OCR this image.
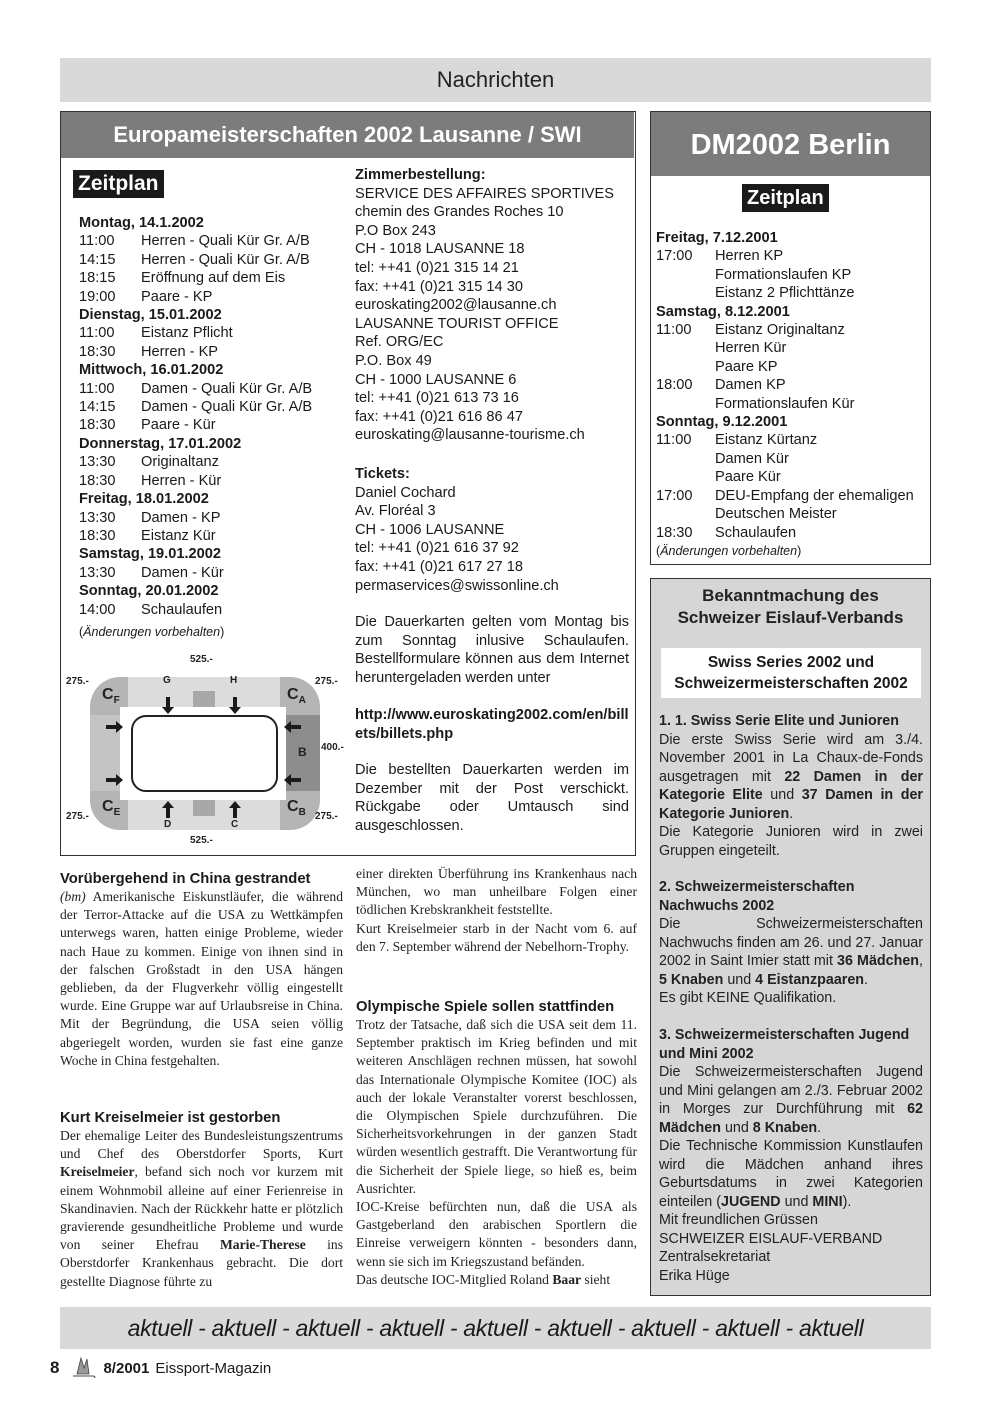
Nachrichten
Europameisterschaften 2002 Lausanne / SWI
Zeitplan
Montag, 14.1.2002
11:00	Herren - Quali Kür Gr. A/B
14:15	Herren - Quali Kür Gr. A/B
18:15	Eröffnung auf dem Eis
19:00	Paare - KP
Dienstag, 15.01.2002
11:00	Eistanz Pflicht
18:30	Herren - KP
Mittwoch, 16.01.2002
11:00	Damen - Quali Kür Gr. A/B
14:15	Damen - Quali Kür Gr. A/B
18:30	Paare - Kür
Donnerstag, 17.01.2002
13:30	Originaltanz
18:30	Herren - Kür
Freitag, 18.01.2002
13:30	Damen - KP
18:30	Eistanz Kür
Samstag, 19.01.2002
13:30	Damen - Kür
Sonntag, 20.01.2002
14:00	Schaulaufen
(Änderungen vorbehalten)
525.-
525.-
275.-	275.-
275.-	275.-
400.-
G	H
D	C
B
$C_F$	$C_A$
$C_E$	$C_B$
Zimmerbestellung:
SERVICE DES AFFAIRES SPORTIVES
chemin des Grandes Roches 10
P.O Box 243
CH - 1018 LAUSANNE 18
tel: ++41 (0)21 315 14 21
fax: ++41 (0)21 315 14 30
euroskating2002@lausanne.ch
LAUSANNE TOURIST OFFICE
Ref. ORG/EC
P.O. Box 49
CH - 1000 LAUSANNE 6
tel: ++41 (0)21 613 73 16
fax: ++41 (0)21 616 86 47
euroskating@lausanne-tourisme.ch
Tickets:
Daniel Cochard
Av. Floréal 3
CH - 1006 LAUSANNE
tel: ++41 (0)21 616 37 92
fax: ++41 (0)21 617 27 18
permaservices@swissonline.ch
Die Dauerkarten gelten vom Montag bis zum Sonntag inlusive Schaulaufen. Bestellformulare können aus dem Internet heruntergeladen werden unter
http://www.euroskating2002.com/en/billets/billets.php
Die bestellten Dauerkarten werden im Dezember mit der Post verschickt. Rückgabe oder Umtausch sind ausgeschlossen.
DM2002 Berlin
Zeitplan
Freitag, 7.12.2001
17:00	Herren KP
Formationslaufen KP
Eistanz 2 Pflichttänze
Samstag, 8.12.2001
11:00	Eistanz Originaltanz
Herren Kür
Paare KP
18:00	Damen KP
Formationslaufen Kür
Sonntag, 9.12.2001
11:00	Eistanz Kürtanz
Damen Kür
Paare Kür
17:00	DEU-Empfang der ehemaligen
Deutschen Meister
18:30	Schaulaufen
(Änderungen vorbehalten)
Bekanntmachung des
Schweizer Eislauf-Verbands
Swiss Series 2002 und
Schweizermeisterschaften 2002
1. 1. Swiss Serie Elite und Junioren
Die erste Swiss Serie wird am 3./4. November 2001 in La Chaux-de-Fonds ausgetragen mit 22 Damen in der Kategorie Elite und 37 Damen in der Kategorie Junioren.
Die Kategorie Junioren wird in zwei Gruppen eingeteilt.
2. Schweizermeisterschaften Nachwuchs 2002
Die Schweizermeisterschaften Nachwuchs finden am 26. und 27. Januar 2002 in Saint Imier statt mit 36 Mädchen, 5 Knaben und 4 Eistanzpaaren.
Es gibt KEINE Qualifikation.
3. Schweizermeisterschaften Jugend und Mini 2002
Die Schweizermeisterschaften Jugend und Mini gelangen am 2./3. Februar 2002 in Morges zur Durchführung mit 62 Mädchen und 8 Knaben.
Die Technische Kommission Kunstlaufen wird die Mädchen anhand ihres Geburtsdatums in zwei Kategorien einteilen (JUGEND und MINI).
Mit freundlichen Grüssen
SCHWEIZER EISLAUF-VERBAND
Zentralsekretariat
Erika Hüge
Vorübergehend in China gestrandet
(bm) Amerikanische Eiskunstläufer, die während der Terror-Attacke auf die USA zu Wettkämpfen unterwegs waren, hatten einige Probleme, wieder nach Haue zu kommen. Einige von ihnen sind in der falschen Großstadt in den USA hängen geblieben, da der Flugverkehr völlig eingestellt wurde. Eine Gruppe war auf Urlaubsreise in China. Mit der Begründung, die USA seien völlig abgeriegelt worden, wurden sie fast eine ganze Woche in China festgehalten.
Kurt Kreiselmeier ist gestorben
Der ehemalige Leiter des Bundesleistungszentrums und Chef des Oberstdorfer Sports, Kurt Kreiselmeier, befand sich noch vor kurzem mit einem Wohnmobil alleine auf einer Ferienreise in Skandinavien. Nach der Rückkehr hatte er plötzlich gravierende gesundheitliche Probleme und wurde von seiner Ehefrau Marie-Therese ins Oberstdorfer Krankenhaus gebracht. Die dort gestellte Diagnose führte zu
einer direkten Überführung ins Krankenhaus nach München, wo man unheilbare Folgen einer tödlichen Krebskrankheit feststellte.
Kurt Kreiselmeier starb in der Nacht vom 6. auf den 7. September während der Nebelhorn-Trophy.
Olympische Spiele sollen stattfinden
Trotz der Tatsache, daß sich die USA seit dem 11. September praktisch im Krieg befinden und mit weiteren Anschlägen rechnen müssen, hat sowohl das Internationale Olympische Komitee (IOC) als auch der lokale Veranstalter vorerst beschlossen, die Olympischen Spiele durchzuführen. Die Sicherheitsvorkehrungen in der ganzen Stadt würden wesentlich gestrafft. Die Verantwortung für die Sicherheit der Spiele liege, so hieß es, beim Ausrichter.
IOC-Kreise befürchten nun, daß die USA als Gastgeberland den arabischen Sportlern die Einreise verweigern könnten - besonders dann, wenn sie sich im Kriegszustand befänden.
Das deutsche IOC-Mitglied Roland Baar sieht
aktuell - aktuell - aktuell - aktuell - aktuell - aktuell - aktuell - aktuell - aktuell
8	8/2001 Eissport-Magazin
